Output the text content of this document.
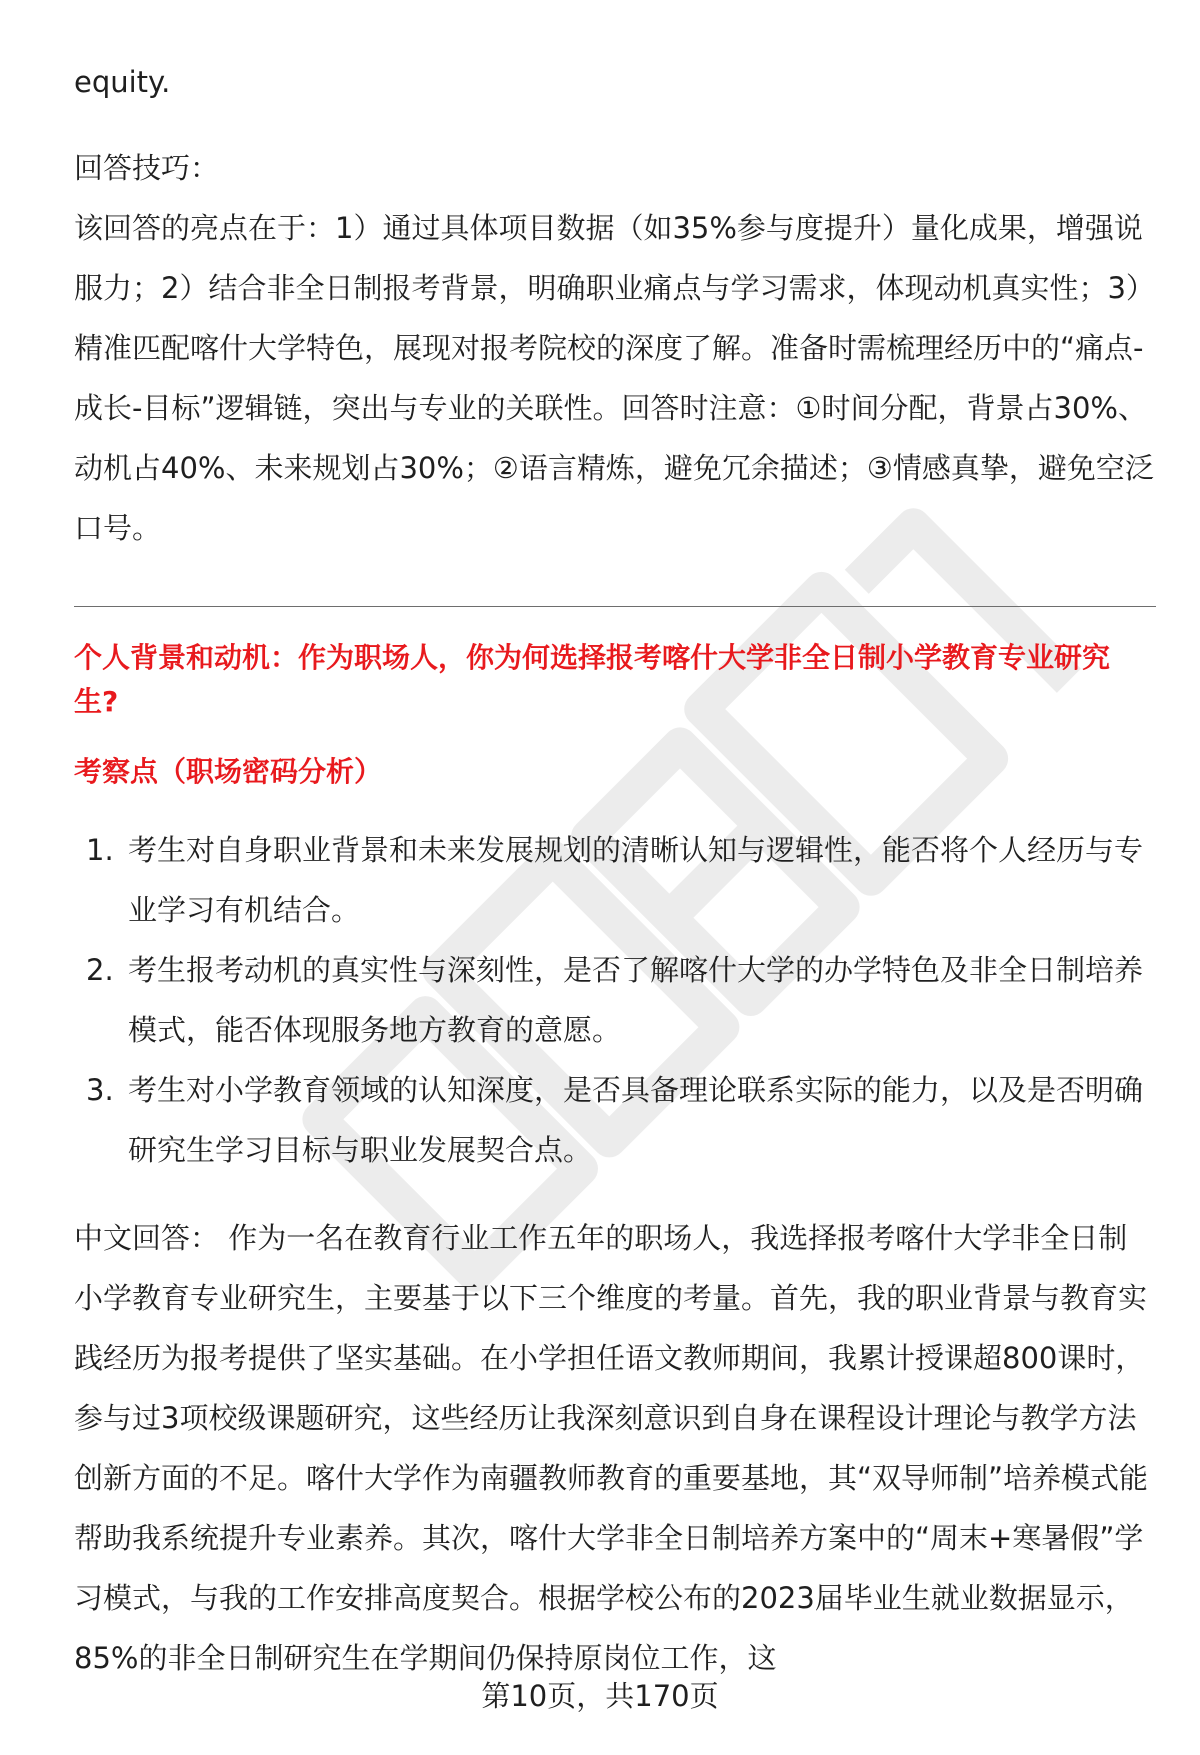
equity.

回答技巧：

该回答的亮点在于：1）通过具体项目数据（如35%参与度提升）量化成果，增强说服力；2）结合非全日制报考背景，明确职业痛点与学习需求，体现动机真实性；3）精准匹配喀什大学特色，展现对报考院校的深度了解。准备时需梳理经历中的“痛点-成长-目标”逻辑链，突出与专业的关联性。回答时注意：①时间分配，背景占30%、动机占40%、未来规划占30%；②语言精炼，避免冗余描述；③情感真挚，避免空泛口号。

个人背景和动机：作为职场人，你为何选择报考喀什大学非全日制小学教育专业研究生?
考察点（职场密码分析）
1. 考生对自身职业背景和未来发展规划的清晰认知与逻辑性，能否将个人经历与专业学习有机结合。
2. 考生报考动机的真实性与深刻性，是否了解喀什大学的办学特色及非全日制培养模式，能否体现服务地方教育的意愿。
3. 考生对小学教育领域的认知深度，是否具备理论联系实际的能力，以及是否明确研究生学习目标与职业发展契合点。

中文回答： 作为一名在教育行业工作五年的职场人，我选择报考喀什大学非全日制小学教育专业研究生，主要基于以下三个维度的考量。首先，我的职业背景与教育实践经历为报考提供了坚实基础。在小学担任语文教师期间，我累计授课超800课时，参与过3项校级课题研究，这些经历让我深刻意识到自身在课程设计理论与教学方法创新方面的不足。喀什大学作为南疆教师教育的重要基地，其“双导师制”培养模式能帮助我系统提升专业素养。其次，喀什大学非全日制培养方案中的“周末+寒暑假”学习模式，与我的工作安排高度契合。根据学校公布的2023届毕业生就业数据显示，85%的非全日制研究生在学期间仍保持原岗位工作，这

第10页，共170页
